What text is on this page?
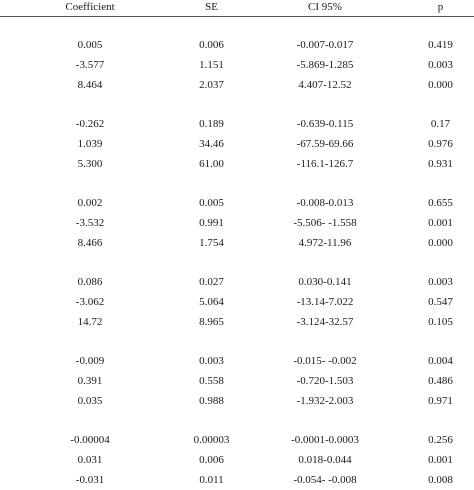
Coefficient	SE	CI 95%	p

0.005	0.006	-0.007-0.017	0.419
-3.577	1.151	-5.869-1.285	0.003
8.464	2.037	4.407-12.52	0.000

-0.262	0.189	-0.639-0.115	0.17
1.039	34.46	-67.59-69.66	0.976
5.300	61.00	-116.1-126.7	0.931

0.002	0.005	-0.008-0.013	0.655
-3.532	0.991	-5.506- -1.558	0.001
8.466	1.754	4.972-11.96	0.000

0.086	0.027	0.030-0.141	0.003
-3.062	5.064	-13.14-7.022	0.547
14.72	8.965	-3.124-32.57	0.105

-0.009	0.003	-0.015- -0.002	0.004
0.391	0.558	-0.720-1.503	0.486
0.035	0.988	-1.932-2.003	0.971

-0.00004	0.00003	-0.0001-0.0003	0.256
0.031	0.006	0.018-0.044	0.001
-0.031	0.011	-0.054- -0.008	0.008
